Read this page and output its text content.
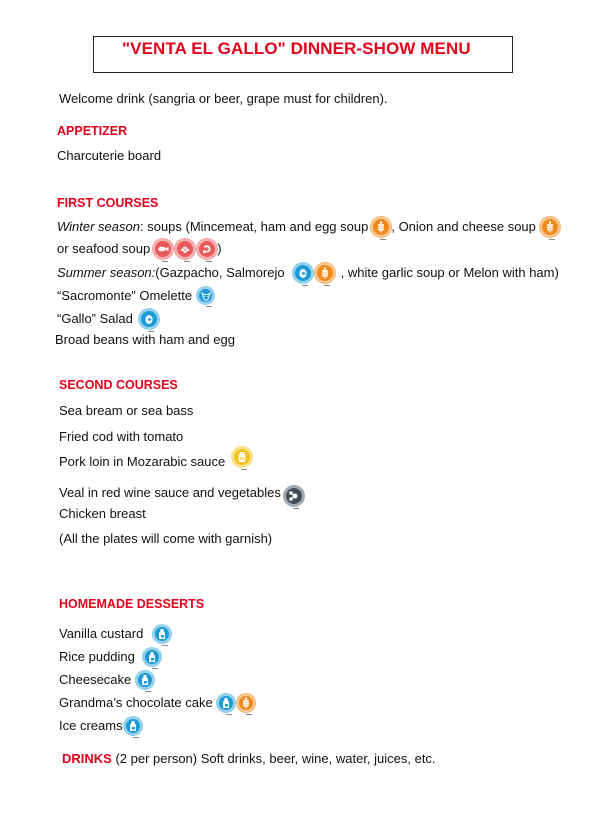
"VENTA EL GALLO" DINNER-SHOW MENU
Welcome drink (sangria or beer, grape must for children).
APPETIZER
Charcuterie board
FIRST COURSES
Winter season : soups (Mincemeat, ham and egg soup , Onion and cheese soup
or seafood soup	)
Summer season: (Gazpacho, Salmorejo	, white garlic soup or Melon with ham)
“Sacromonte” Omelette
“Gallo” Salad
Broad beans with ham and egg
SECOND COURSES
Sea bream or sea bass
Fried cod with tomato
Pork loin in Mozarabic sauce
Veal in red wine sauce and vegetables
Chicken breast
(All the plates will come with garnish)
HOMEMADE DESSERTS
Vanilla custard
Rice pudding
Cheesecake
Grandma’s chocolate cake
Ice creams
DRINKS (2 per person) Soft drinks, beer, wine, water, juices, etc.
